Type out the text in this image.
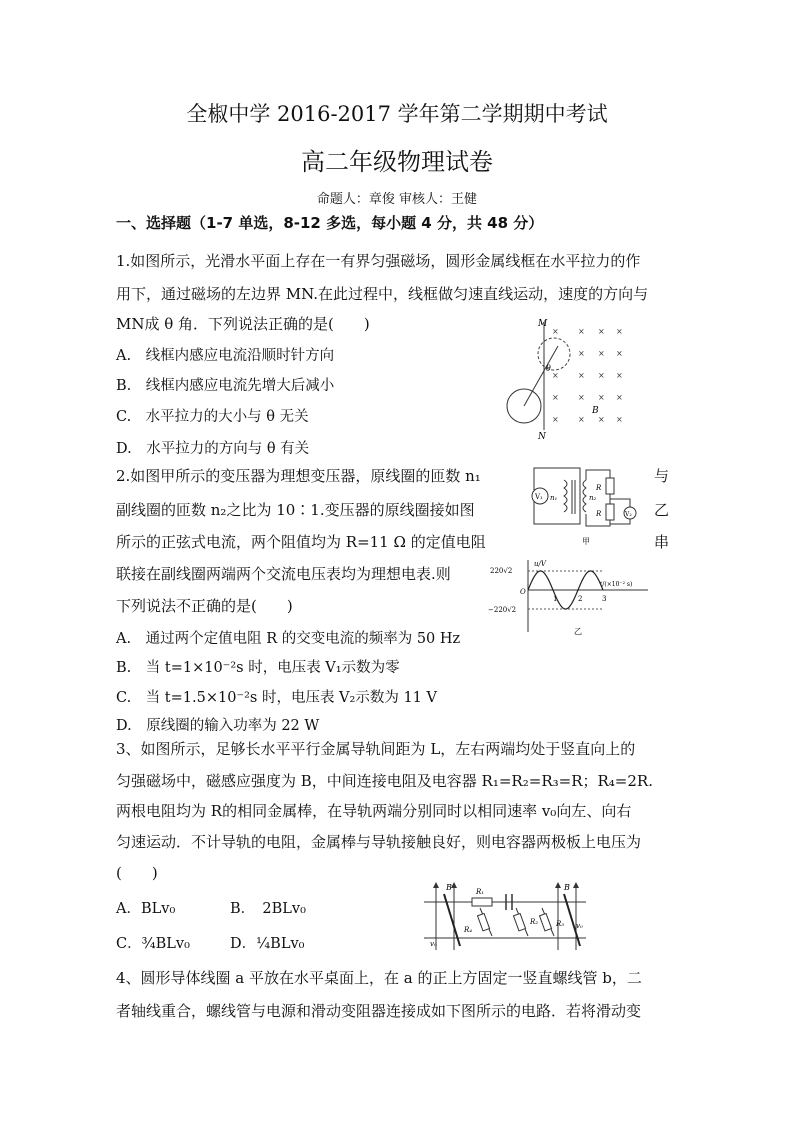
全椒中学 2016-2017 学年第二学期期中考试
高二年级物理试卷
命题人：章俊 审核人：王健
一、选择题（1-7 单选，8-12 多选，每小题 4 分，共 48 分）
1.如图所示，光滑水平面上存在一有界匀强磁场，圆形金属线框在水平拉力的作
用下，通过磁场的左边界 MN.在此过程中，线框做匀速直线运动，速度的方向与
MN成 θ 角．下列说法正确的是(　　)
A.　线框内感应电流沿顺时针方向
B.　线框内感应电流先增大后减小
C.　水平拉力的大小与 θ 无关
D.　水平拉力的方向与 θ 有关
M
N
θ
B
× × × ×
× × ×
× × × ×
× × × ×
× × × ×
2.如图甲所示的变压器为理想变压器，原线圈的匝数 n₁
副线圈的匝数 n₂之比为 10∶1.变压器的原线圈接如图
所示的正弦式电流，两个阻值均为 R=11 Ω 的定值电阻
联接在副线圈两端两个交流电压表均为理想电表.则
下列说法不正确的是(　　)
与
乙
串
A.　通过两个定值电阻 R 的交变电流的频率为 50 Hz
B.　当 t=1×10⁻²s 时，电压表 V₁示数为零
C.　当 t=1.5×10⁻²s 时，电压表 V₂示数为 11 V
D.　原线圈的输入功率为 22 W
V₁ n₁	n₂
R
R	V₂
甲
u/V
220√2
−220√2
O
t/(×10⁻² s)
1	2	3
乙
3、如图所示，足够长水平平行金属导轨间距为 L，左右两端均处于竖直向上的
匀强磁场中，磁感应强度为 B，中间连接电阻及电容器 R₁=R₂=R₃=R；R₄=2R.
两根电阻均为 R的相同金属棒，在导轨两端分别同时以相同速率 v₀向左、向右
匀速运动．不计导轨的电阻，金属棒与导轨接触良好，则电容器两极板上电压为
(　　)
A．BLv₀	B．　2BLv₀
C．¾BLv₀	D．¼BLv₀
B
v₀
R₁
R₄
R₂	R₃
B
v₀
4、圆形导体线圈 a 平放在水平桌面上，在 a 的正上方固定一竖直螺线管 b，二
者轴线重合，螺线管与电源和滑动变阻器连接成如下图所示的电路．若将滑动变
